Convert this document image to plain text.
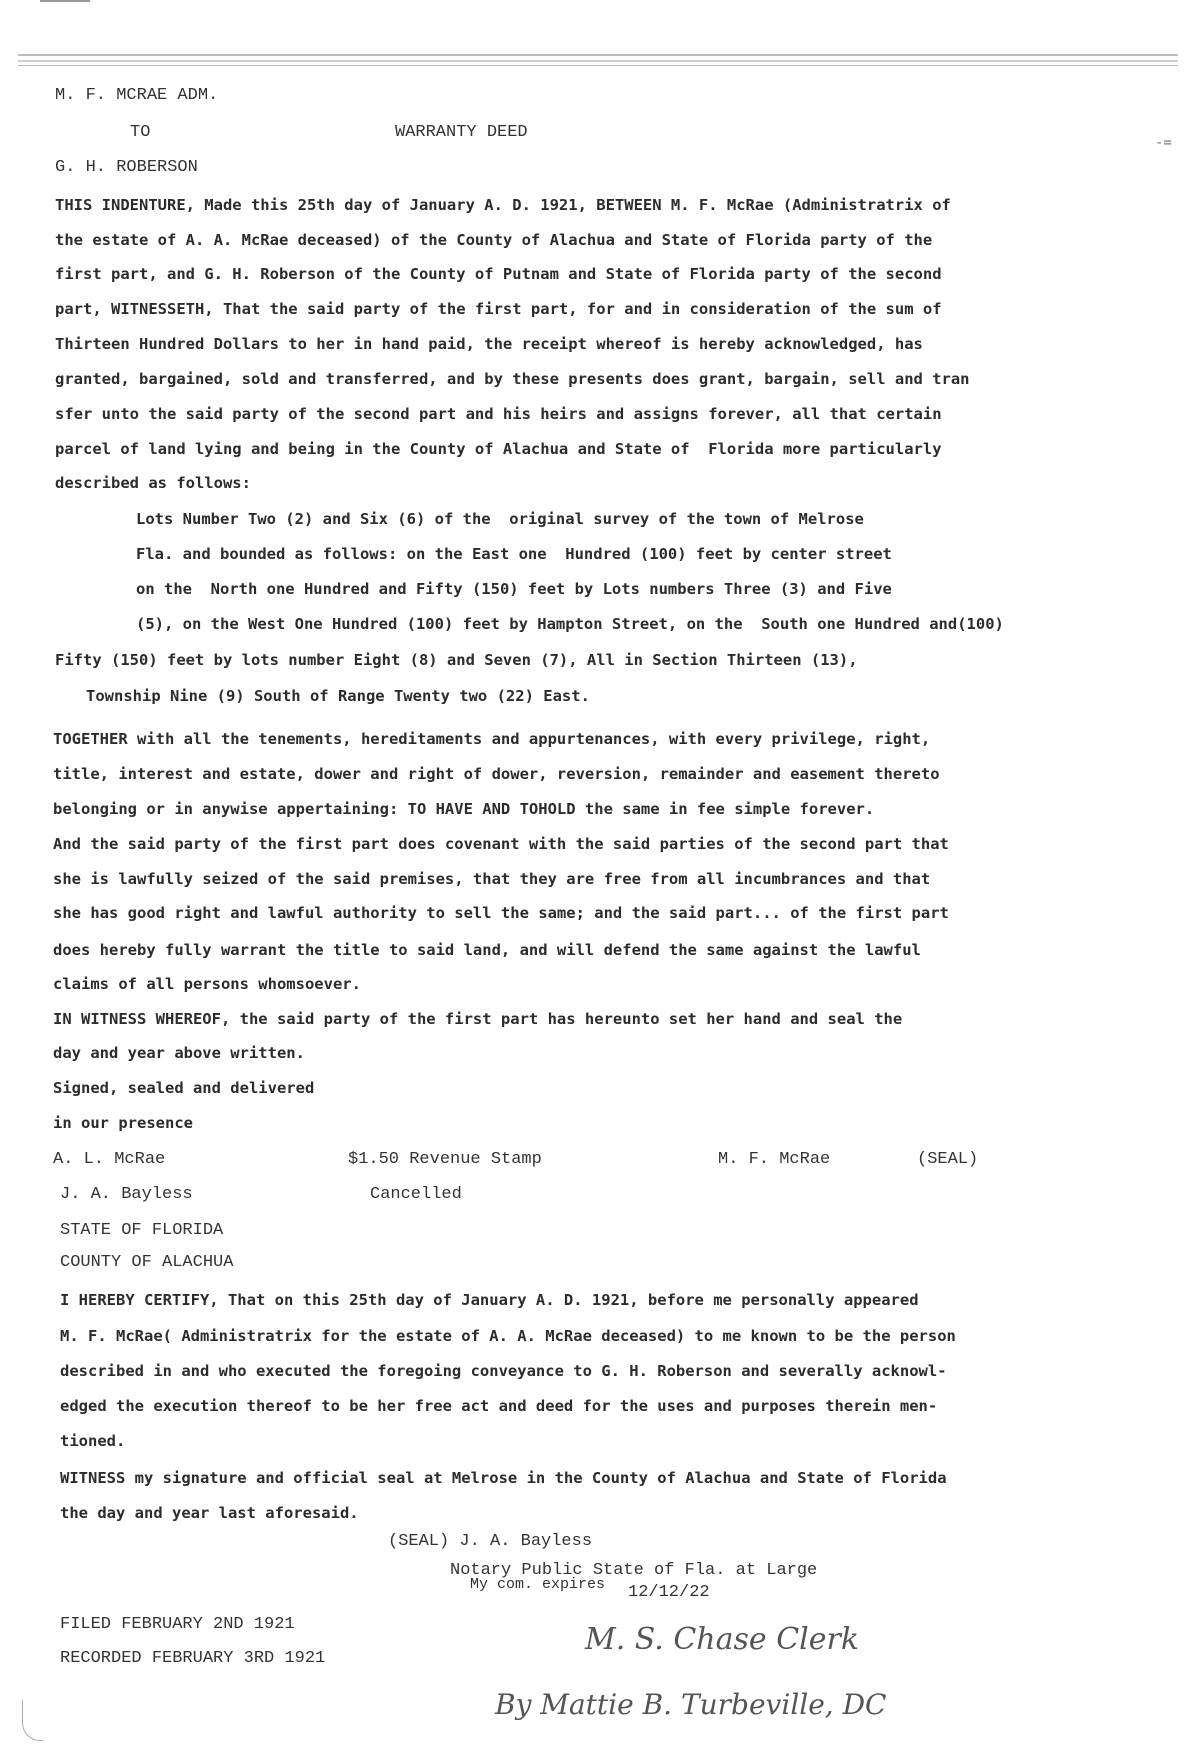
-=
M. F. MCRAE ADM.
TO	WARRANTY DEED
G. H. ROBERSON
THIS INDENTURE, Made this 25th day of January A. D. 1921, BETWEEN M. F. McRae (Administratrix of
the estate of A. A. McRae deceased) of the County of Alachua and State of Florida party of the
first part, and G. H. Roberson of the County of Putnam and State of Florida party of the second
part, WITNESSETH, That the said party of the first part, for and in consideration of the sum of
Thirteen Hundred Dollars to her in hand paid, the receipt whereof is hereby acknowledged, has
granted, bargained, sold and transferred, and by these presents does grant, bargain, sell and tran
sfer unto the said party of the second part and his heirs and assigns forever, all that certain
parcel of land lying and being in the County of Alachua and State of  Florida more particularly
described as follows:
Lots Number Two (2) and Six (6) of the  original survey of the town of Melrose
Fla. and bounded as follows: on the East one  Hundred (100) feet by center street
on the  North one Hundred and Fifty (150) feet by Lots numbers Three (3) and Five
(5), on the West One Hundred (100) feet by Hampton Street, on the  South one Hundred and(100)
Fifty (150) feet by lots number Eight (8) and Seven (7), All in Section Thirteen (13),
Township Nine (9) South of Range Twenty two (22) East.
TOGETHER with all the tenements, hereditaments and appurtenances, with every privilege, right,
title, interest and estate, dower and right of dower, reversion, remainder and easement thereto
belonging or in anywise appertaining: TO HAVE AND TOHOLD the same in fee simple forever.
And the said party of the first part does covenant with the said parties of the second part that
she is lawfully seized of the said premises, that they are free from all incumbrances and that
she has good right and lawful authority to sell the same; and the said part... of the first part
does hereby fully warrant the title to said land, and will defend the same against the lawful
claims of all persons whomsoever.
IN WITNESS WHEREOF, the said party of the first part has hereunto set her hand and seal the
day and year above written.
Signed, sealed and delivered
in our presence
A. L. McRae	$1.50 Revenue Stamp	M. F. McRae	(SEAL)
J. A. Bayless	Cancelled
STATE OF FLORIDA
COUNTY OF ALACHUA
I HEREBY CERTIFY, That on this 25th day of January A. D. 1921, before me personally appeared
M. F. McRae( Administratrix for the estate of A. A. McRae deceased) to me known to be the person
described in and who executed the foregoing conveyance to G. H. Roberson and severally acknowl-
edged the execution thereof to be her free act and deed for the uses and purposes therein men-
tioned.
WITNESS my signature and official seal at Melrose in the County of Alachua and State of Florida
the day and year last aforesaid.
(SEAL) J. A. Bayless
Notary Public State of Fla. at Large
My com. expires 12/12/22
FILED FEBRUARY 2ND 1921
RECORDED FEBRUARY 3RD 1921
M. S. Chase Clerk
By Mattie B. Turbeville, DC
